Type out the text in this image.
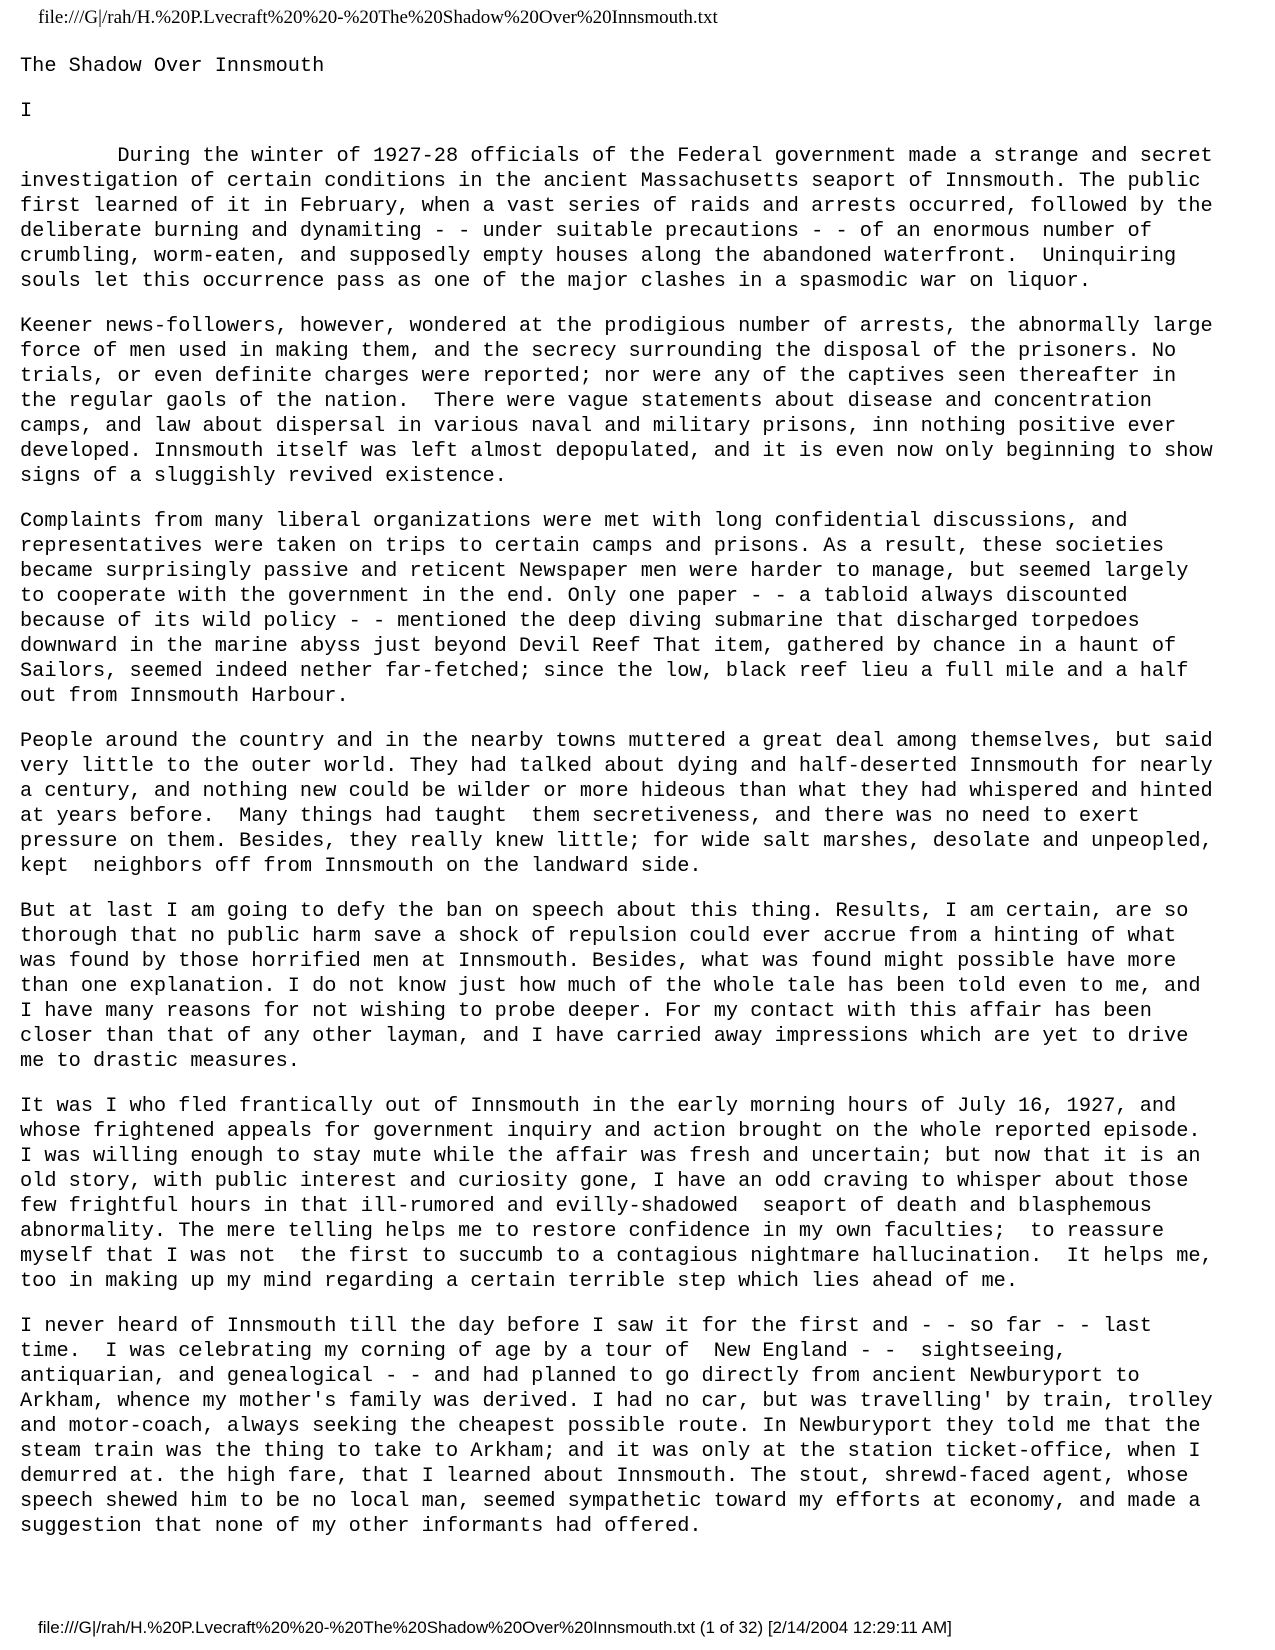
file:///G|/rah/H.%20P.Lvecraft%20%20-%20The%20Shadow%20Over%20Innsmouth.txt
The Shadow Over Innsmouth
I
During the winter of 1927-28 officials of the Federal government made a strange and secret
investigation of certain conditions in the ancient Massachusetts seaport of Innsmouth. The public
first learned of it in February, when a vast series of raids and arrests occurred, followed by the
deliberate burning and dynamiting - - under suitable precautions - - of an enormous number of
crumbling, worm-eaten, and supposedly empty houses along the abandoned waterfront.  Uninquiring
souls let this occurrence pass as one of the major clashes in a spasmodic war on liquor.
Keener news-followers, however, wondered at the prodigious number of arrests, the abnormally large
force of men used in making them, and the secrecy surrounding the disposal of the prisoners. No
trials, or even definite charges were reported; nor were any of the captives seen thereafter in
the regular gaols of the nation.  There were vague statements about disease and concentration
camps, and law about dispersal in various naval and military prisons, inn nothing positive ever
developed. Innsmouth itself was left almost depopulated, and it is even now only beginning to show
signs of a sluggishly revived existence.
Complaints from many liberal organizations were met with long confidential discussions, and
representatives were taken on trips to certain camps and prisons. As a result, these societies
became surprisingly passive and reticent Newspaper men were harder to manage, but seemed largely
to cooperate with the government in the end. Only one paper - - a tabloid always discounted
because of its wild policy - - mentioned the deep diving submarine that discharged torpedoes
downward in the marine abyss just beyond Devil Reef That item, gathered by chance in a haunt of
Sailors, seemed indeed nether far-fetched; since the low, black reef lieu a full mile and a half
out from Innsmouth Harbour.
People around the country and in the nearby towns muttered a great deal among themselves, but said
very little to the outer world. They had talked about dying and half-deserted Innsmouth for nearly
a century, and nothing new could be wilder or more hideous than what they had whispered and hinted
at years before.  Many things had taught  them secretiveness, and there was no need to exert
pressure on them. Besides, they really knew little; for wide salt marshes, desolate and unpeopled,
kept  neighbors off from Innsmouth on the landward side.
But at last I am going to defy the ban on speech about this thing. Results, I am certain, are so
thorough that no public harm save a shock of repulsion could ever accrue from a hinting of what
was found by those horrified men at Innsmouth. Besides, what was found might possible have more
than one explanation. I do not know just how much of the whole tale has been told even to me, and
I have many reasons for not wishing to probe deeper. For my contact with this affair has been
closer than that of any other layman, and I have carried away impressions which are yet to drive
me to drastic measures.
It was I who fled frantically out of Innsmouth in the early morning hours of July 16, 1927, and
whose frightened appeals for government inquiry and action brought on the whole reported episode.
I was willing enough to stay mute while the affair was fresh and uncertain; but now that it is an
old story, with public interest and curiosity gone, I have an odd craving to whisper about those
few frightful hours in that ill-rumored and evilly-shadowed  seaport of death and blasphemous
abnormality. The mere telling helps me to restore confidence in my own faculties;  to reassure
myself that I was not  the first to succumb to a contagious nightmare hallucination.  It helps me,
too in making up my mind regarding a certain terrible step which lies ahead of me.
I never heard of Innsmouth till the day before I saw it for the first and - - so far - - last
time.  I was celebrating my corning of age by a tour of  New England - -  sightseeing,
antiquarian, and genealogical - - and had planned to go directly from ancient Newburyport to
Arkham, whence my mother's family was derived. I had no car, but was travelling' by train, trolley
and motor-coach, always seeking the cheapest possible route. In Newburyport they told me that the
steam train was the thing to take to Arkham; and it was only at the station ticket-office, when I
demurred at. the high fare, that I learned about Innsmouth. The stout, shrewd-faced agent, whose
speech shewed him to be no local man, seemed sympathetic toward my efforts at economy, and made a
suggestion that none of my other informants had offered.
file:///G|/rah/H.%20P.Lvecraft%20%20-%20The%20Shadow%20Over%20Innsmouth.txt (1 of 32) [2/14/2004 12:29:11 AM]
